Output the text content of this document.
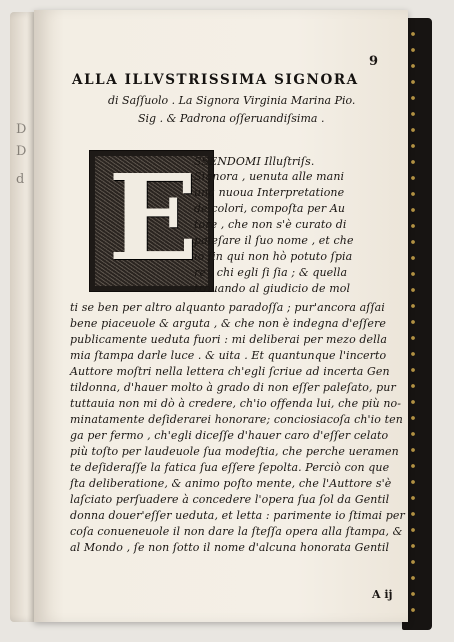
D
D
d
9
ALLA ILLVSTRISSIMA SIGNORA
di Saſſuolo . La Signora Virginia Marina Pio.
Sig . & Padrona oſſeruandiſsima .
E
SSENDOMI Illuſtriſs.
Signora , uenuta alle mani
una nuoua Interpretatione
de colori, compoſta per Au
tore , che non s'è curato di
paleſare il ſuo nome , et che
io ſin qui non hò potuto ſpia
re , chi egli ſi ſia ; & quella
trouando al giudicio de mol
ti se ben per altro alquanto paradoſſa ; pur'ancora aſſai
bene piaceuole & arguta , & che non è indegna d'eſſere
publicamente ueduta fuori : mi deliberai per mezo della
mia ſtampa darle luce . & uita . Et quantunque l'incerto
Auttore moſtri nella lettera ch'egli ſcriue ad incerta Gen
tildonna, d'hauer molto à grado di non eſſer paleſato, pur
tuttauia non mi dò à credere, ch'io offenda lui, che più no-
minatamente deſiderarei honorare; conciosiacoſa ch'io ten
ga per fermo , ch'egli diceſſe d'hauer caro d'eſſer celato
più toſto per laudeuole ſua modeſtia, che perche ueramen
te deſideraſſe la fatica ſua eſſere ſepolta. Perciò con que
ſta deliberatione, & animo poſto mente, che l'Auttore s'è
laſciato perſuadere à concedere l'opera ſua ſol da Gentil
donna douer'eſſer ueduta, et letta : parimente io ſtimai per
coſa conueneuole il non dare la ſteſſa opera alla ſtampa, &
al Mondo , ſe non ſotto il nome d'alcuna honorata Gentil
A ij
